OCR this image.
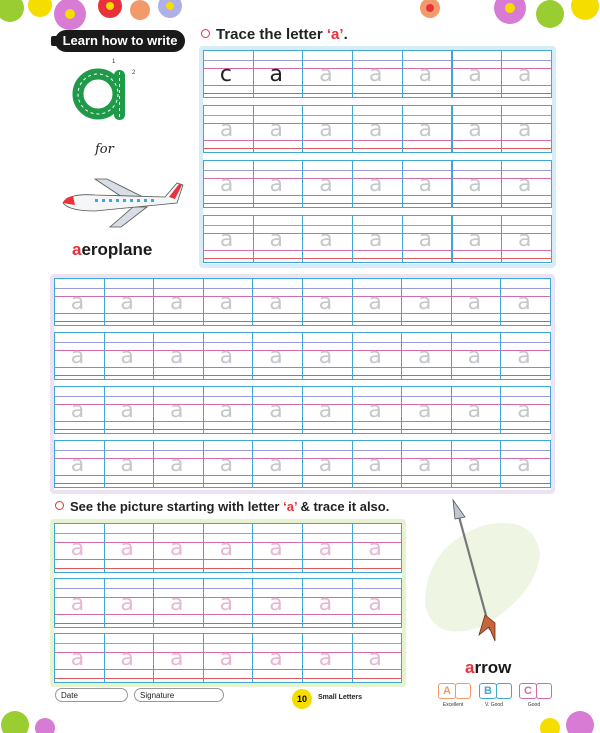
Learn how to write	Trace the letter ‘a’.
1
2
for
aeroplane
c a a a a a a
a a a a a a a
a a a a a a a
a a a a a a a
a a a a a a a a a a
a a a a a a a a a a
a a a a a a a a a a
a a a a a a a a a a
See the picture starting with letter ‘a’ & trace it also.
a a a a a a a
a a a a a a a
a a a a a a a	arrow
Date	Signature	10	Small Letters
A
Excellent
B
V. Good
C
Good
